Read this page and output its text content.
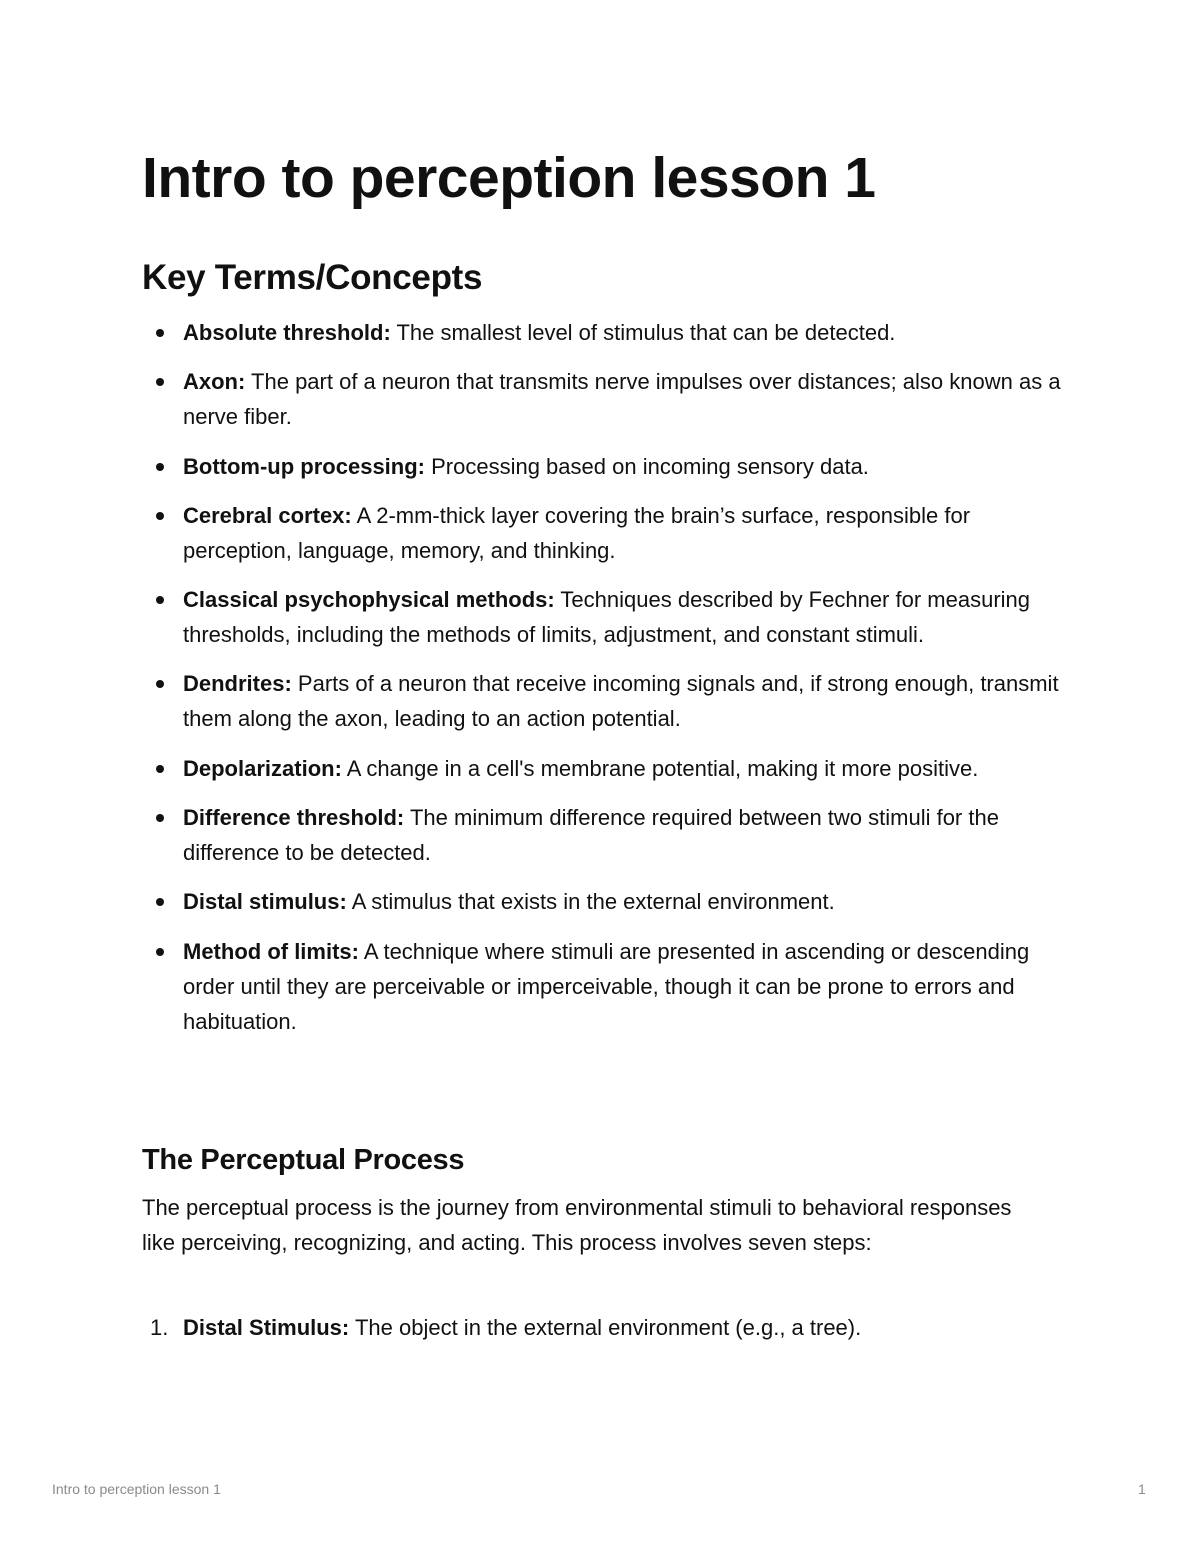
Intro to perception lesson 1
Key Terms/Concepts
Absolute threshold: The smallest level of stimulus that can be detected.
Axon: The part of a neuron that transmits nerve impulses over distances; also known as a nerve fiber.
Bottom-up processing: Processing based on incoming sensory data.
Cerebral cortex: A 2-mm-thick layer covering the brain’s surface, responsible for perception, language, memory, and thinking.
Classical psychophysical methods: Techniques described by Fechner for measuring thresholds, including the methods of limits, adjustment, and constant stimuli.
Dendrites: Parts of a neuron that receive incoming signals and, if strong enough, transmit them along the axon, leading to an action potential.
Depolarization: A change in a cell's membrane potential, making it more positive.
Difference threshold: The minimum difference required between two stimuli for the difference to be detected.
Distal stimulus: A stimulus that exists in the external environment.
Method of limits: A technique where stimuli are presented in ascending or descending order until they are perceivable or imperceivable, though it can be prone to errors and habituation.
The Perceptual Process

The perceptual process is the journey from environmental stimuli to behavioral responses like perceiving, recognizing, and acting. This process involves seven steps:

1. Distal Stimulus: The object in the external environment (e.g., a tree).
Intro to perception lesson 1	1
